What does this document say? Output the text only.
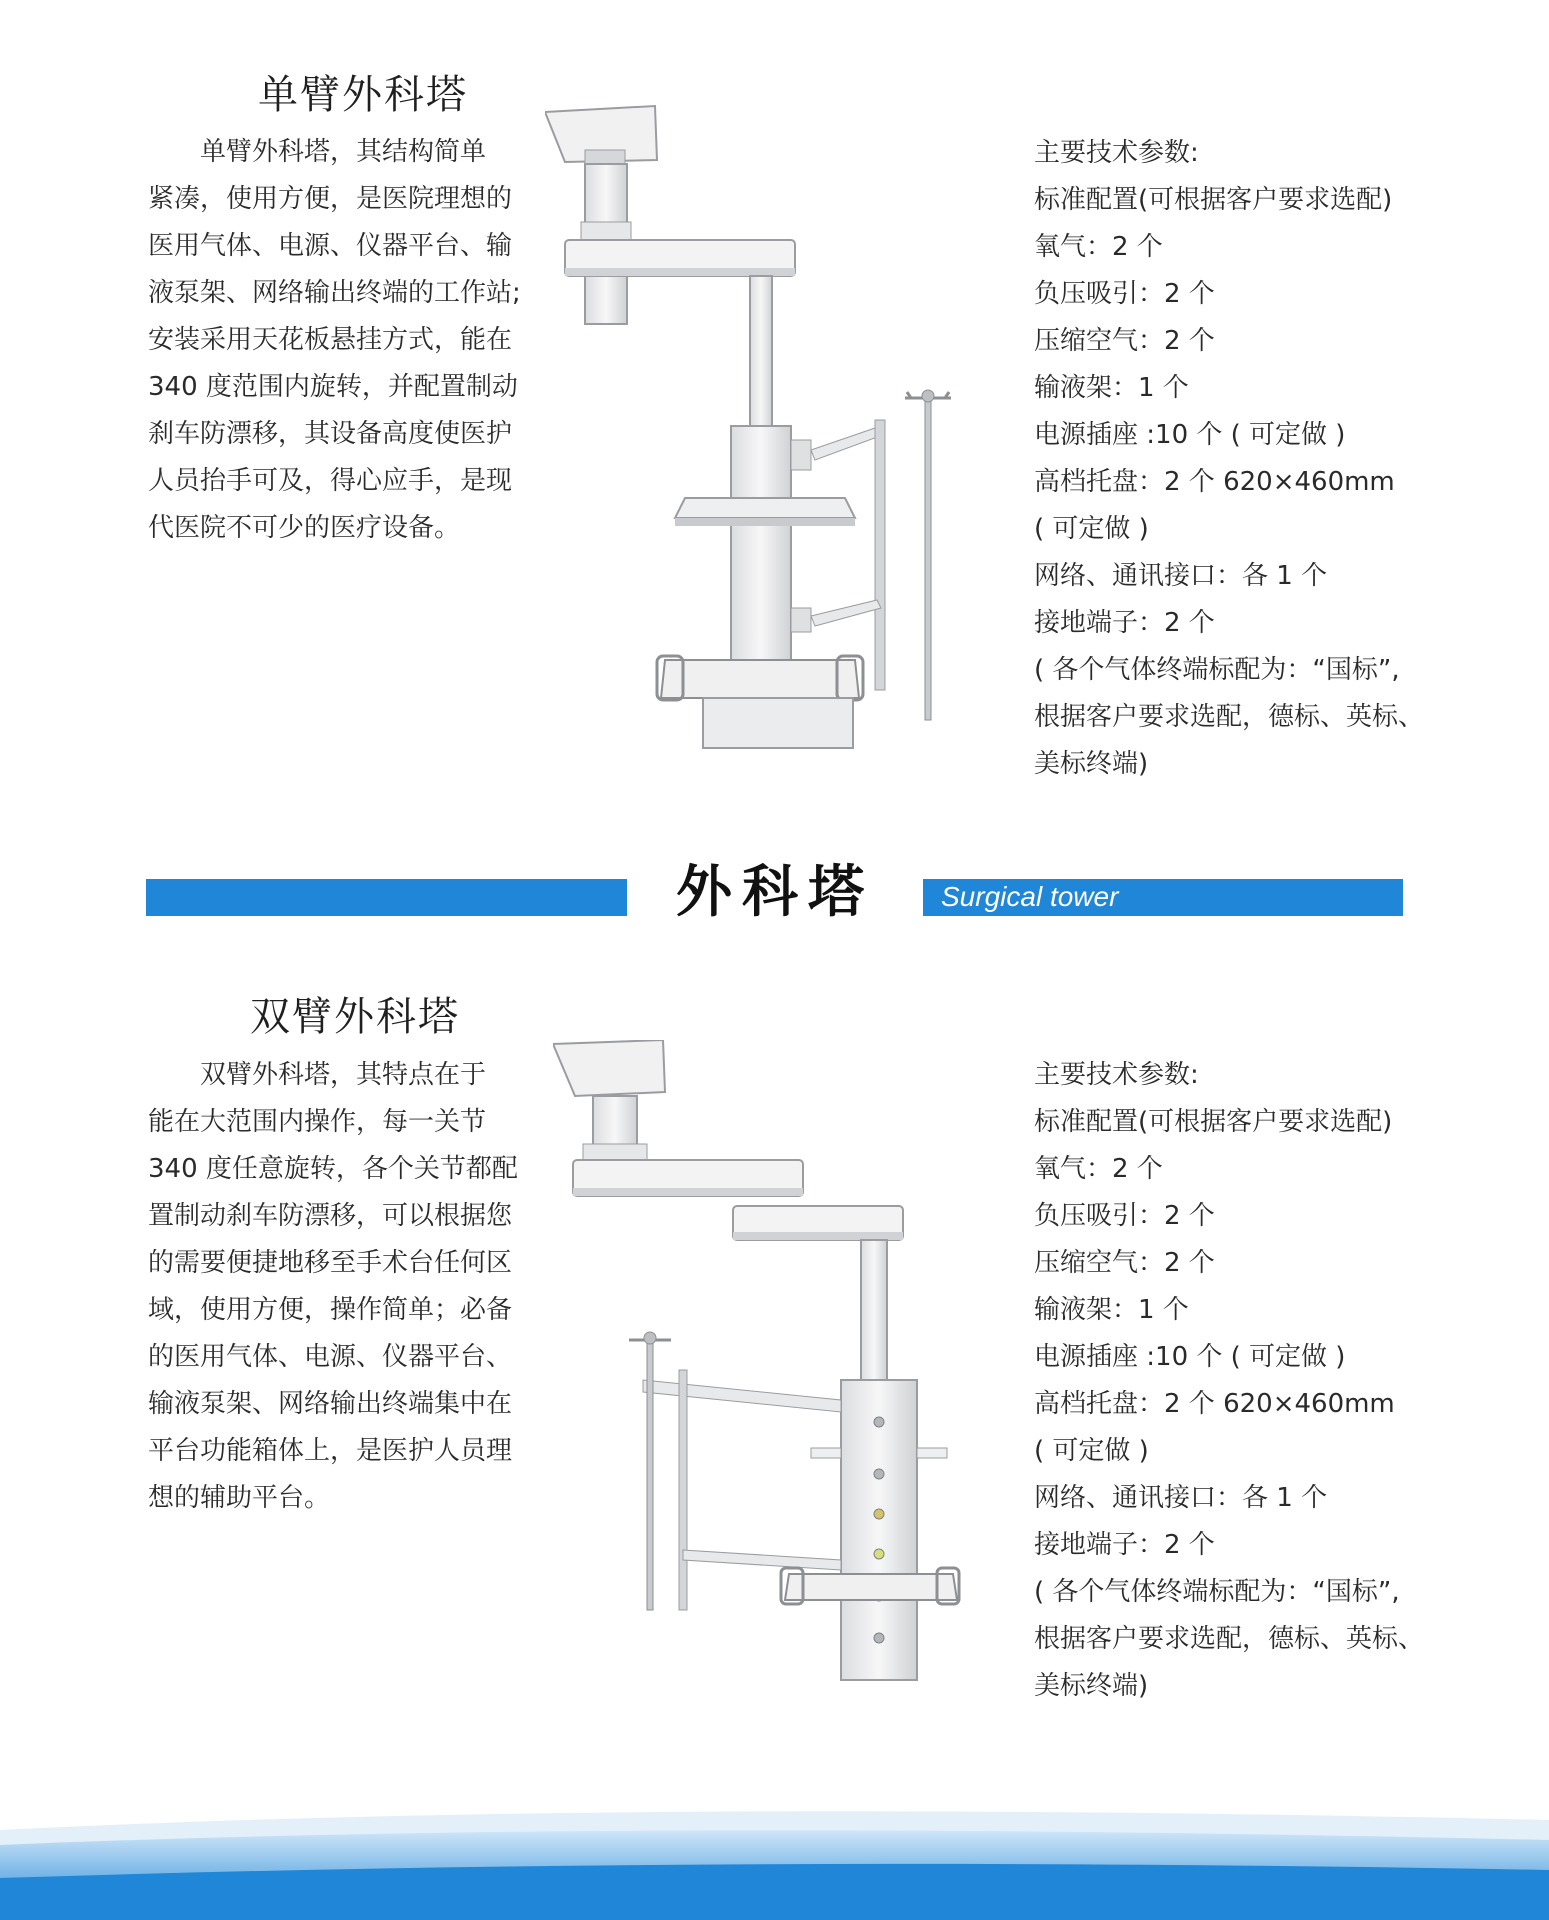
单臂外科塔

单臂外科塔，其结构简单

紧凑，使用方便，是医院理想的

医用气体、电源、仪器平台、输

液泵架、网络输出终端的工作站;

安装采用天花板悬挂方式，能在

340 度范围内旋转，并配置制动

刹车防漂移，其设备高度使医护

人员抬手可及，得心应手，是现

代医院不可少的医疗设备。

主要技术参数:
标准配置(可根据客户要求选配)
氧气：2 个
负压吸引：2 个
压缩空气：2 个
输液架：1 个
电源插座 :10 个 ( 可定做 )
高档托盘：2 个 620×460mm
( 可定做 )
网络、通讯接口：各 1 个
接地端子：2 个
( 各个气体终端标配为：“国标”,
根据客户要求选配，德标、英标、
美标终端)
外科塔	Surgical tower
双臂外科塔

双臂外科塔，其特点在于

能在大范围内操作，每一关节

340 度任意旋转，各个关节都配

置制动刹车防漂移，可以根据您

的需要便捷地移至手术台任何区

域，使用方便，操作简单；必备

的医用气体、电源、仪器平台、

输液泵架、网络输出终端集中在

平台功能箱体上，是医护人员理

想的辅助平台。

主要技术参数:
标准配置(可根据客户要求选配)
氧气：2 个
负压吸引：2 个
压缩空气：2 个
输液架：1 个
电源插座 :10 个 ( 可定做 )
高档托盘：2 个 620×460mm
( 可定做 )
网络、通讯接口：各 1 个
接地端子：2 个
( 各个气体终端标配为：“国标”,
根据客户要求选配，德标、英标、
美标终端)
